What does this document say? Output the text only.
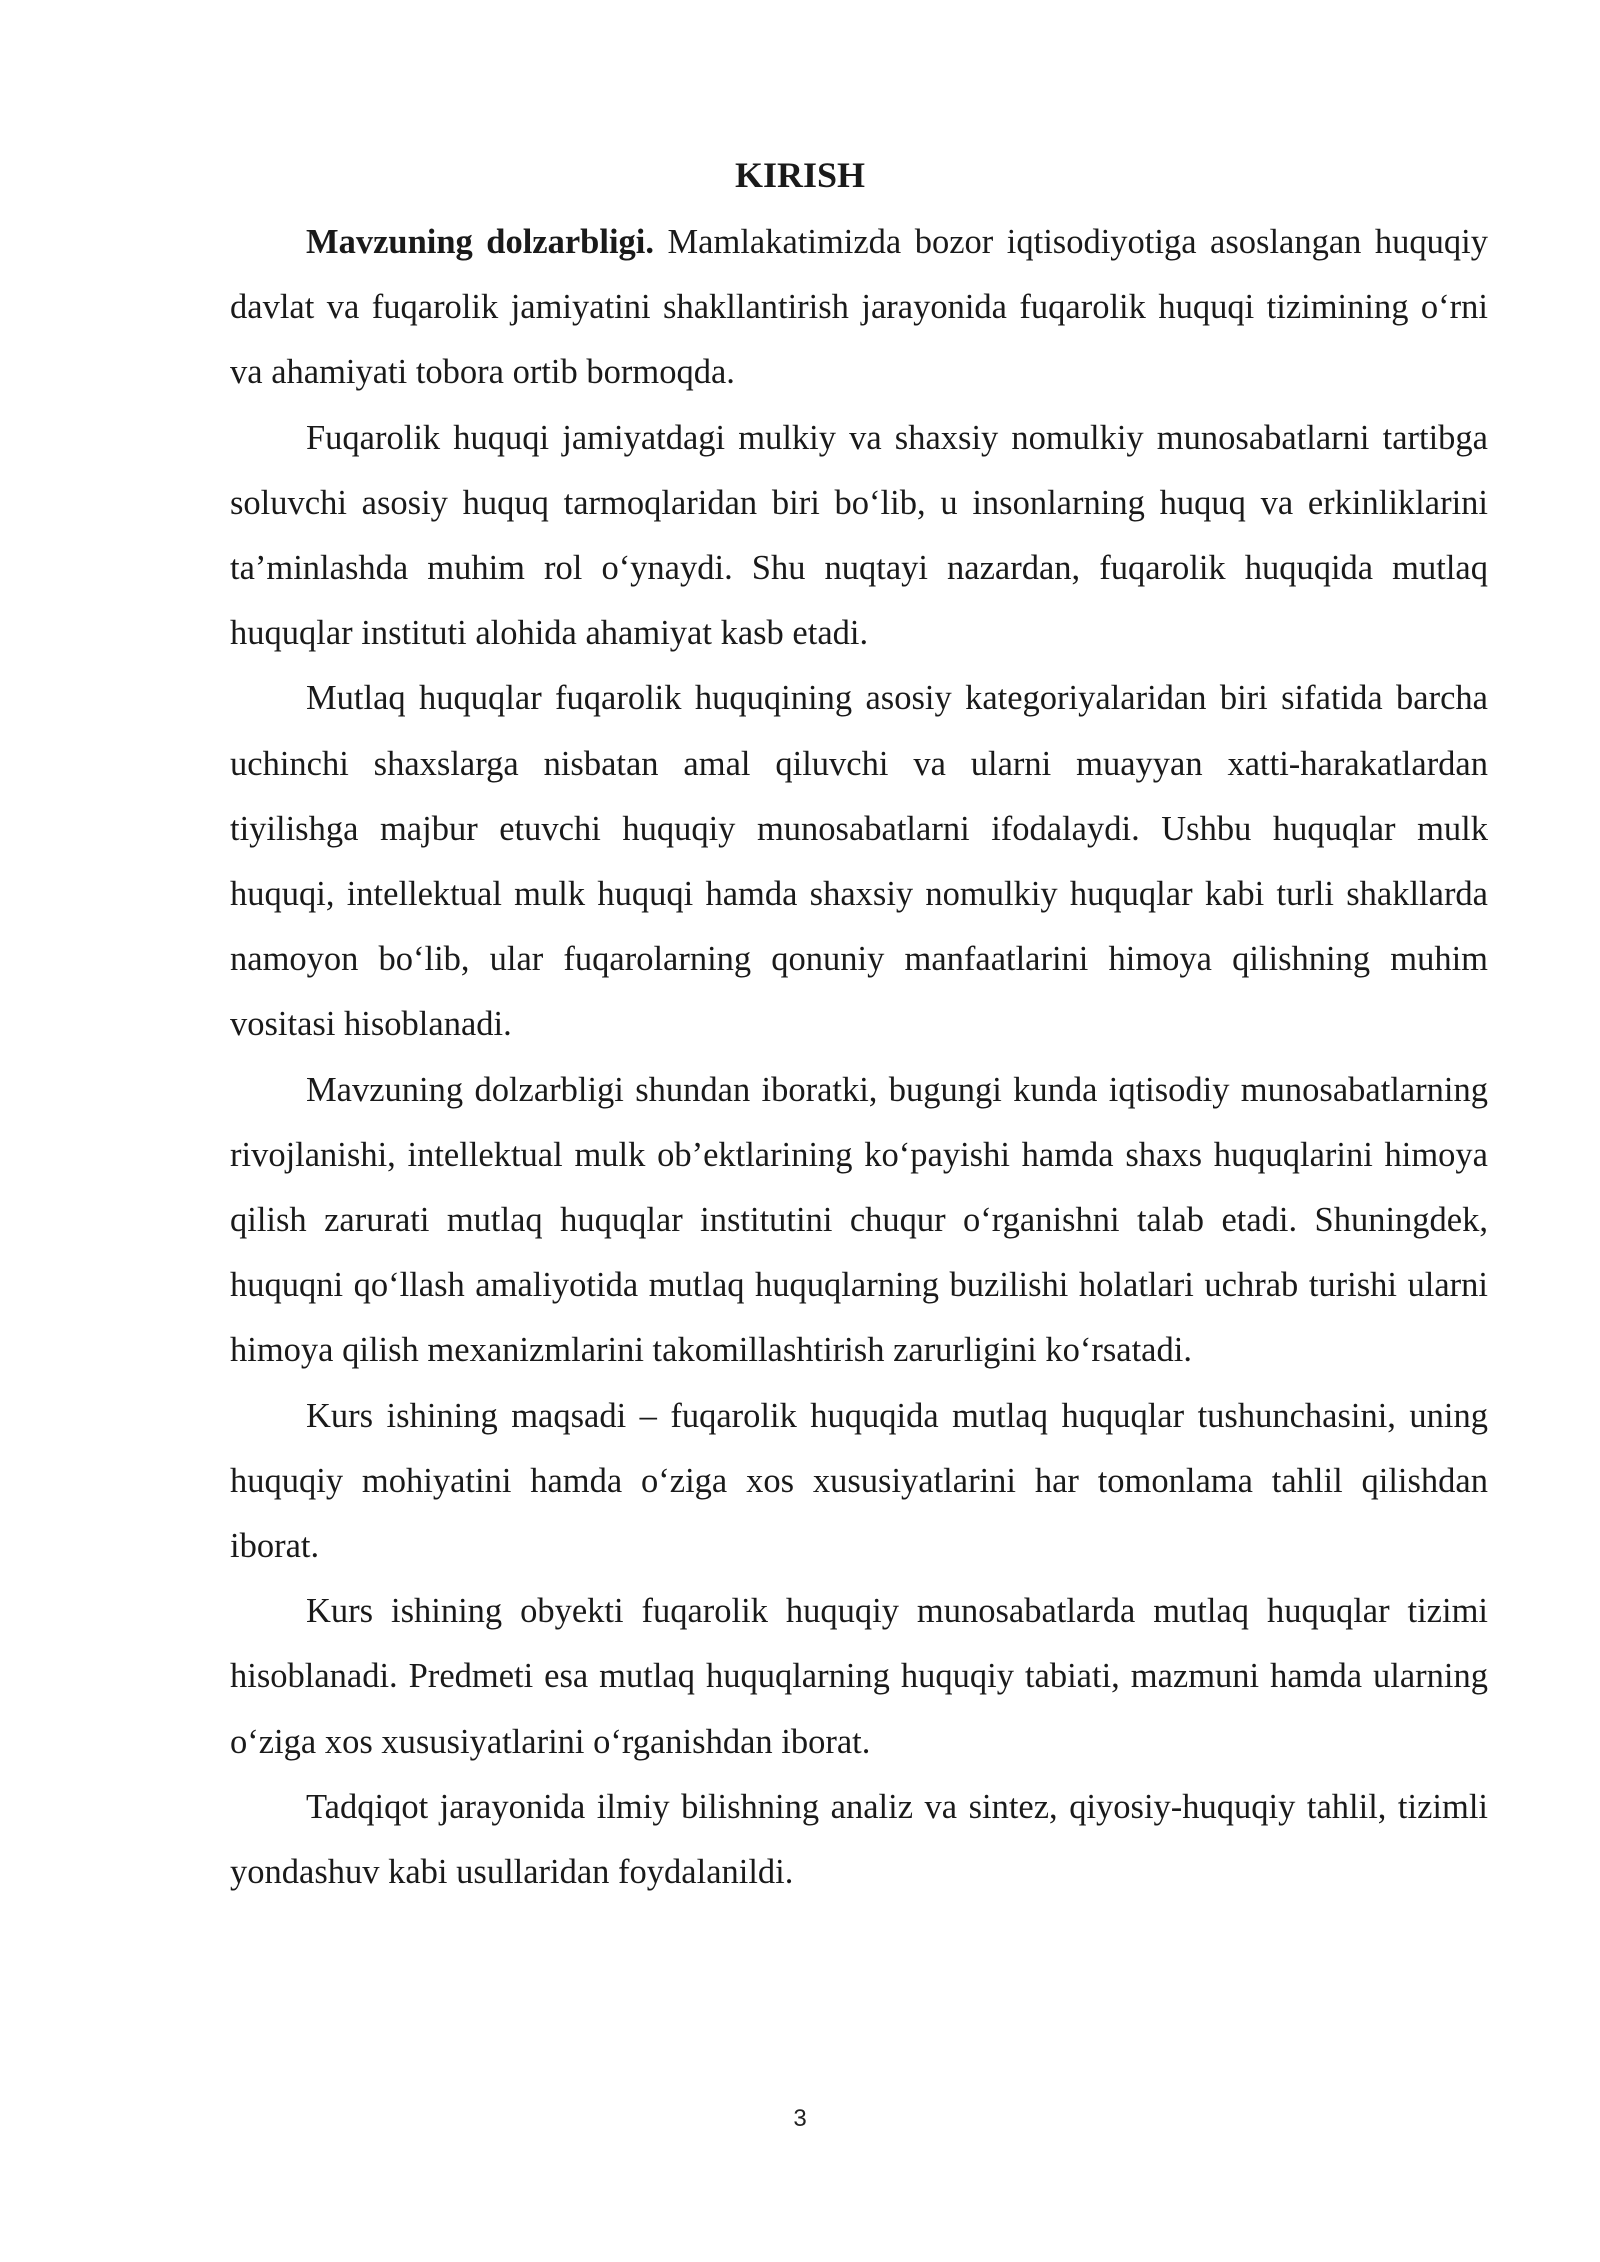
KIRISH

Mavzuning dolzarbligi. Mamlakatimizda bozor iqtisodiyotiga asoslangan huquqiy davlat va fuqarolik jamiyatini shakllantirish jarayonida fuqarolik huquqi tizimining o‘rni va ahamiyati tobora ortib bormoqda.

Fuqarolik huquqi jamiyatdagi mulkiy va shaxsiy nomulkiy munosabatlarni tartibga soluvchi asosiy huquq tarmoqlaridan biri bo‘lib, u insonlarning huquq va erkinliklarini ta’minlashda muhim rol o‘ynaydi. Shu nuqtayi nazardan, fuqarolik huquqida mutlaq huquqlar instituti alohida ahamiyat kasb etadi.

Mutlaq huquqlar fuqarolik huquqining asosiy kategoriyalaridan biri sifatida barcha uchinchi shaxslarga nisbatan amal qiluvchi va ularni muayyan xatti-harakatlardan tiyilishga majbur etuvchi huquqiy munosabatlarni ifodalaydi. Ushbu huquqlar mulk huquqi, intellektual mulk huquqi hamda shaxsiy nomulkiy huquqlar kabi turli shakllarda namoyon bo‘lib, ular fuqarolarning qonuniy manfaatlarini himoya qilishning muhim vositasi hisoblanadi.

Mavzuning dolzarbligi shundan iboratki, bugungi kunda iqtisodiy munosabatlarning rivojlanishi, intellektual mulk ob’ektlarining ko‘payishi hamda shaxs huquqlarini himoya qilish zarurati mutlaq huquqlar institutini chuqur o‘rganishni talab etadi. Shuningdek, huquqni qo‘llash amaliyotida mutlaq huquqlarning buzilishi holatlari uchrab turishi ularni himoya qilish mexanizmlarini takomillashtirish zarurligini ko‘rsatadi.

Kurs ishining maqsadi – fuqarolik huquqida mutlaq huquqlar tushunchasini, uning huquqiy mohiyatini hamda o‘ziga xos xususiyatlarini har tomonlama tahlil qilishdan iborat.

Kurs ishining obyekti fuqarolik huquqiy munosabatlarda mutlaq huquqlar tizimi hisoblanadi. Predmeti esa mutlaq huquqlarning huquqiy tabiati, mazmuni hamda ularning o‘ziga xos xususiyatlarini o‘rganishdan iborat.

Tadqiqot jarayonida ilmiy bilishning analiz va sintez, qiyosiy-huquqiy tahlil, tizimli yondashuv kabi usullaridan foydalanildi.

3
